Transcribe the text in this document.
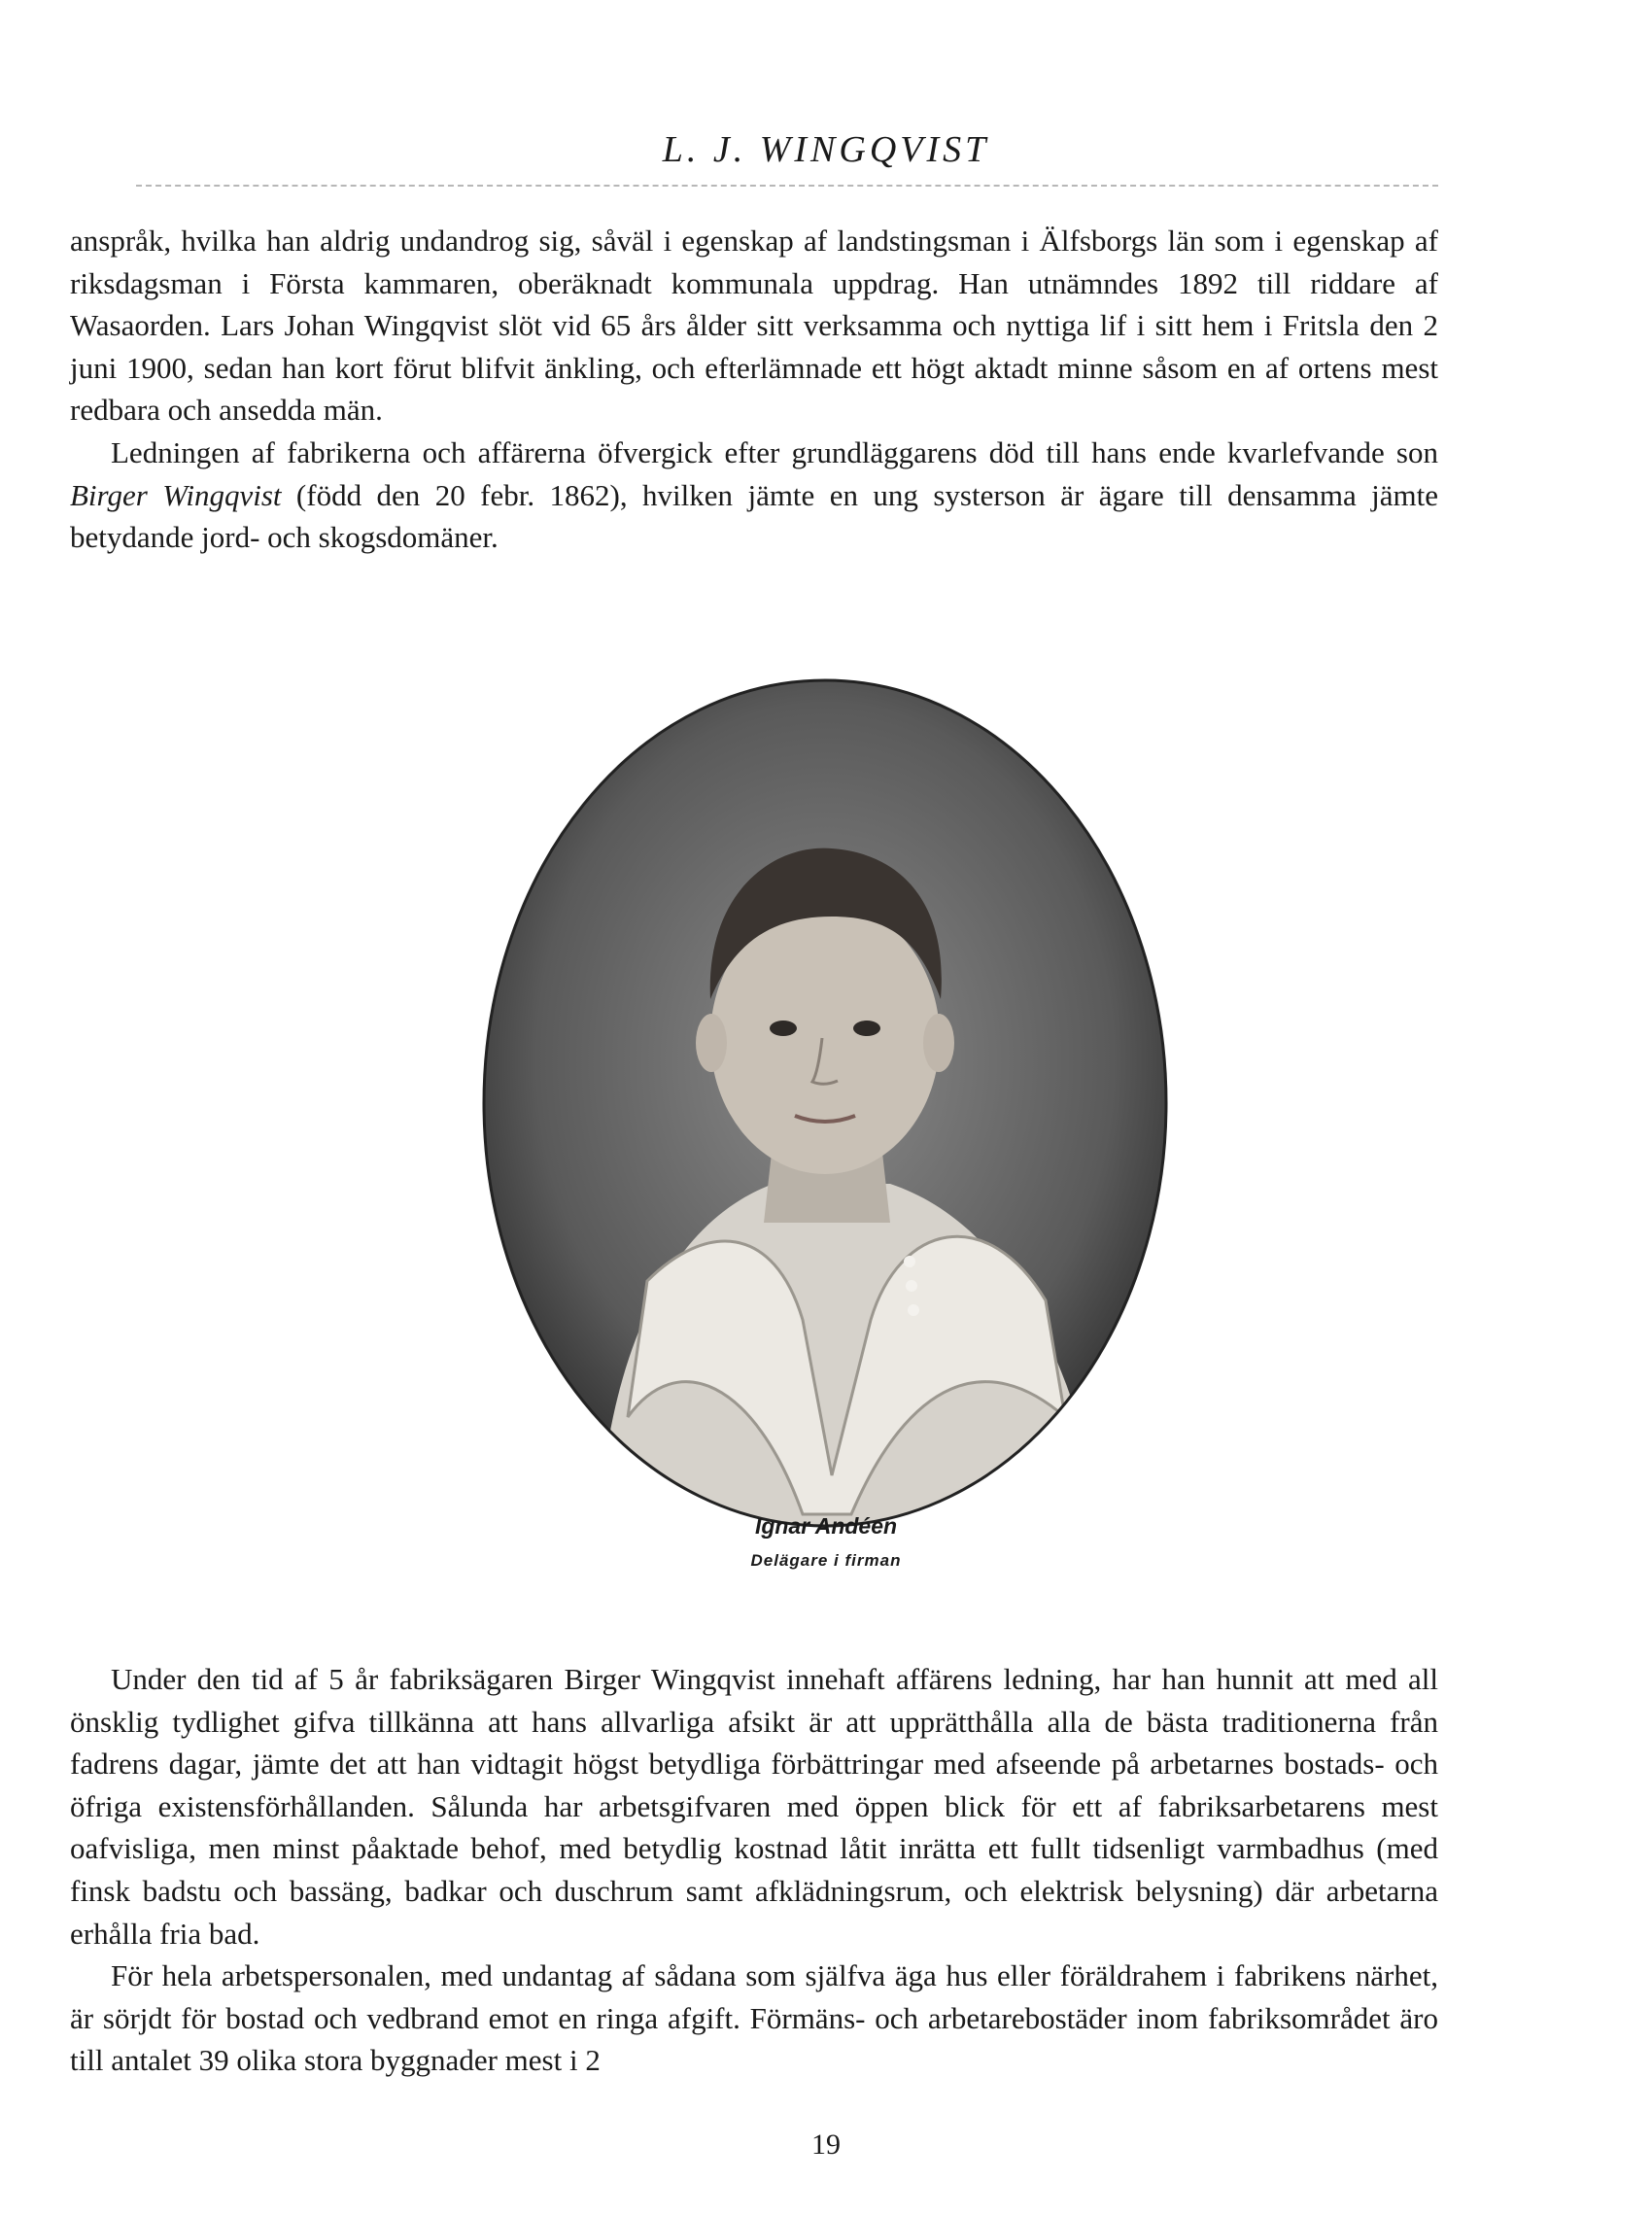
L. J. WINGQVIST

anspråk, hvilka han aldrig undandrog sig, såväl i egenskap af landstingsman i Älfsborgs län som i egenskap af riksdagsman i Första kammaren, oberäknadt kommunala uppdrag. Han utnämndes 1892 till riddare af Wasaorden. Lars Johan Wingqvist slöt vid 65 års ålder sitt verksamma och nyttiga lif i sitt hem i Fritsla den 2 juni 1900, sedan han kort förut blifvit änkling, och efterlämnade ett högt aktadt minne såsom en af ortens mest redbara och ansedda män.

Ledningen af fabrikerna och affärerna öfvergick efter grundläggarens död till hans ende kvarlefvande son Birger Wingqvist (född den 20 febr. 1862), hvilken jämte en ung systerson är ägare till densamma jämte betydande jord- och skogsdomäner.

Ignar Andéen
Delägare i firman

Under den tid af 5 år fabriksägaren Birger Wingqvist innehaft affärens ledning, har han hunnit att med all önsklig tydlighet gifva tillkänna att hans allvarliga afsikt är att upprätthålla alla de bästa traditionerna från fadrens dagar, jämte det att han vidtagit högst betydliga förbättringar med afseende på arbetarnes bostads- och öfriga existensförhållanden. Sålunda har arbetsgifvaren med öppen blick för ett af fabriksarbetarens mest oafvisliga, men minst påaktade behof, med betydlig kostnad låtit inrätta ett fullt tidsenligt varmbadhus (med finsk badstu och bassäng, badkar och duschrum samt afklädningsrum, och elektrisk belysning) där arbetarna erhålla fria bad.

För hela arbetspersonalen, med undantag af sådana som själfva äga hus eller föräldrahem i fabrikens närhet, är sörjdt för bostad och vedbrand emot en ringa afgift. Förmäns- och arbetarebostäder inom fabriksområdet äro till antalet 39 olika stora byggnader mest i 2

19
